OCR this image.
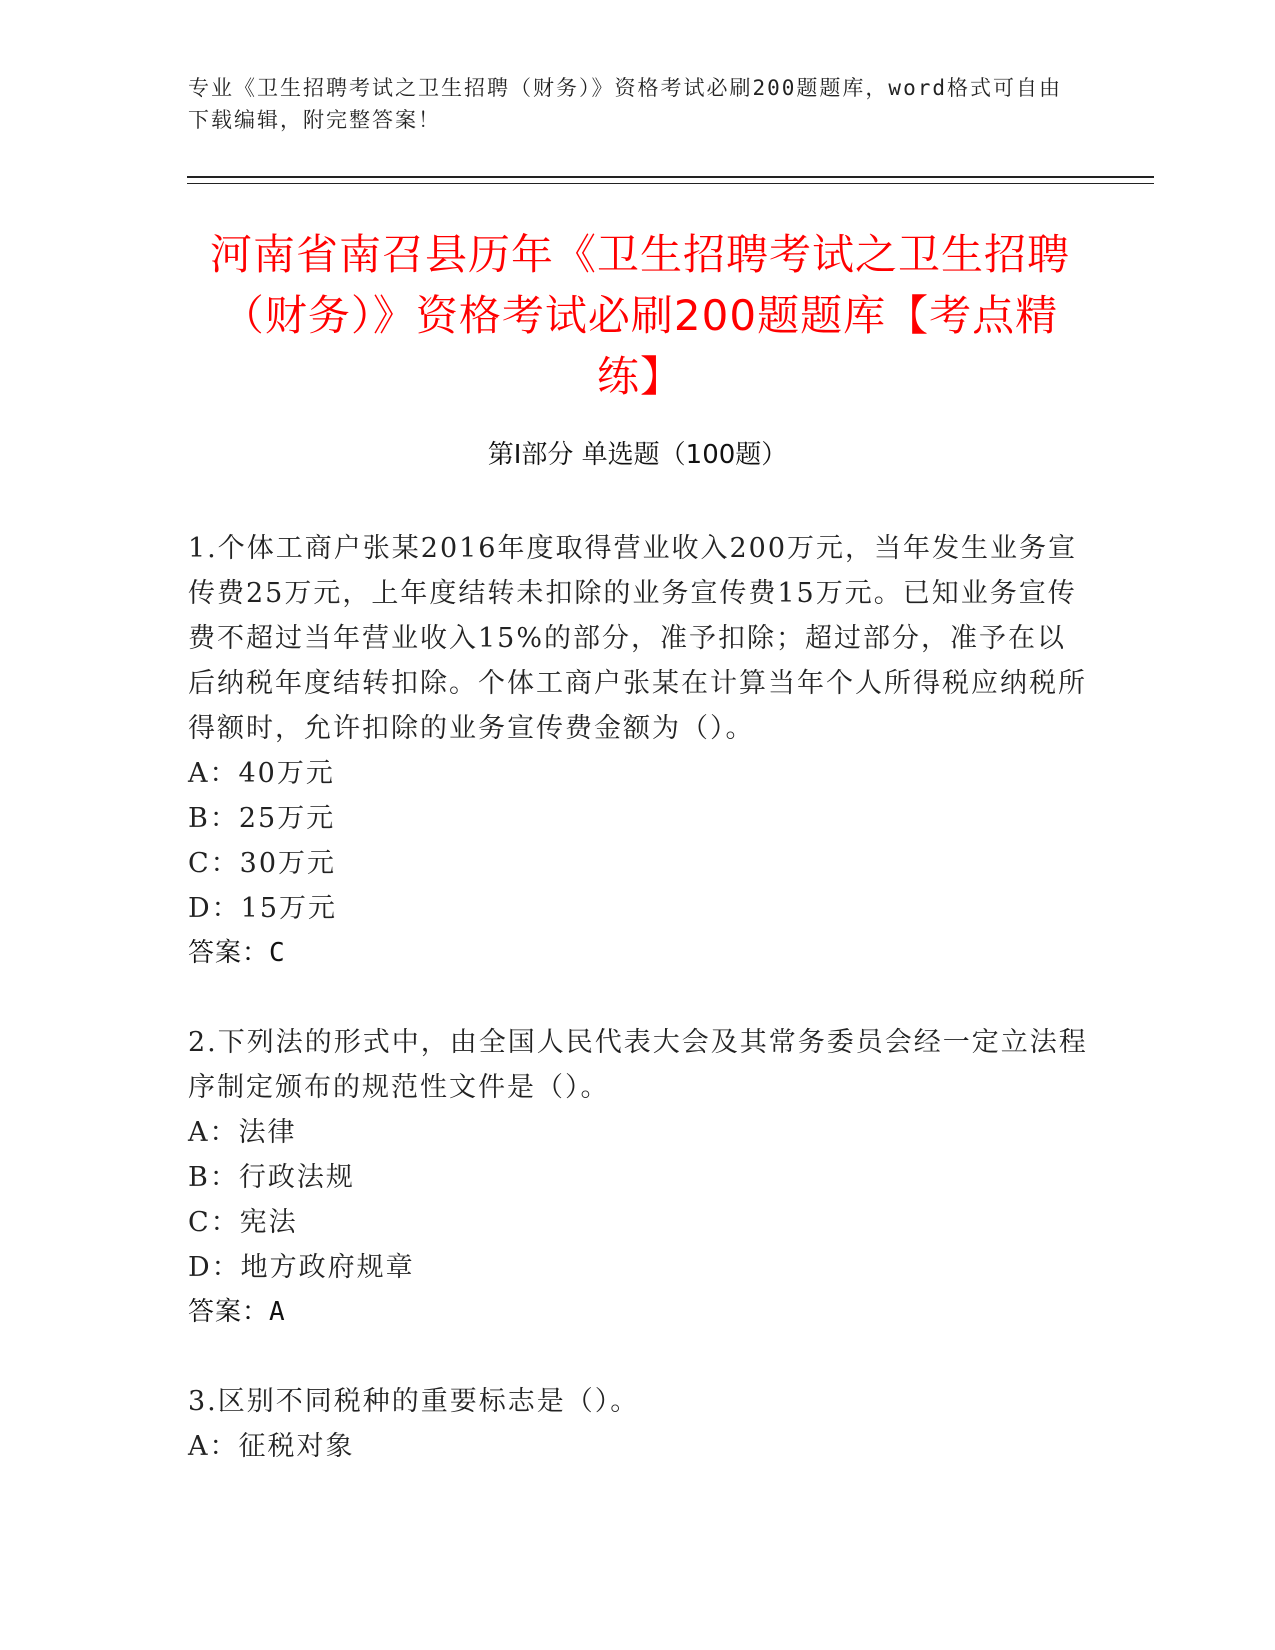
专业《卫生招聘考试之卫生招聘（财务）》资格考试必刷200题题库，word格式可自由下载编辑，附完整答案！
河南省南召县历年《卫生招聘考试之卫生招聘（财务）》资格考试必刷200题题库【考点精练】
第Ⅰ部分 单选题（100题）
1.个体工商户张某2016年度取得营业收入200万元，当年发生业务宣传费25万元，上年度结转未扣除的业务宣传费15万元。已知业务宣传费不超过当年营业收入15%的部分，准予扣除；超过部分，准予在以后纳税年度结转扣除。个体工商户张某在计算当年个人所得税应纳税所得额时，允许扣除的业务宣传费金额为（）。
A：40万元
B：25万元
C：30万元
D：15万元
答案：C
2.下列法的形式中，由全国人民代表大会及其常务委员会经一定立法程序制定颁布的规范性文件是（）。
A：法律
B：行政法规
C：宪法
D：地方政府规章
答案：A
3.区别不同税种的重要标志是（）。
A：征税对象
